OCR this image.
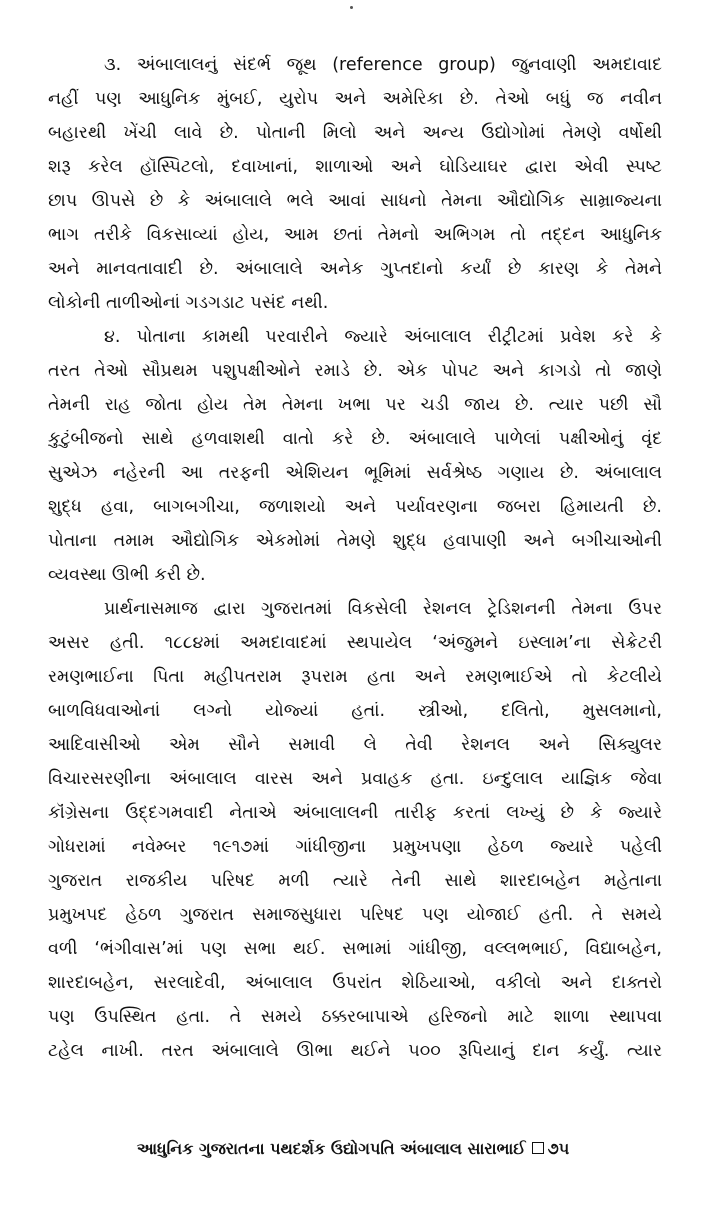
૩. અંબાલાલનું સંદર્ભ જૂથ (reference group) જુનવાણી અમદાવાદ
નહીં પણ આધુનિક મુંબઈ, યુરોપ અને અમેરિકા છે. તેઓ બધું જ નવીન
બહારથી ખેંચી લાવે છે. પોતાની મિલો અને અન્ય ઉદ્યોગોમાં તેમણે વર્ષોથી
શરૂ કરેલ હૉસ્પિટલો, દવાખાનાં, શાળાઓ અને ઘોડિયાઘર દ્વારા એવી સ્પષ્ટ
છાપ ઊપસે છે કે અંબાલાલે ભલે આવાં સાધનો તેમના ઔદ્યોગિક સામ્રાજ્યના
ભાગ તરીકે વિકસાવ્યાં હોય, આમ છતાં તેમનો અભિગમ તો તદ્દન આધુનિક
અને માનવતાવાદી છે. અંબાલાલે અનેક ગુપ્તદાનો કર્યાં છે કારણ કે તેમને
લોકોની તાળીઓનાં ગડગડાટ પસંદ નથી.
૪. પોતાના કામથી પરવારીને જ્યારે અંબાલાલ રીટ્રીટમાં પ્રવેશ કરે કે
તરત તેઓ સૌપ્રથમ પશુપક્ષીઓને રમાડે છે. એક પોપટ અને કાગડો તો જાણે
તેમની રાહ જોતા હોય તેમ તેમના ખભા પર ચડી જાય છે. ત્યાર પછી સૌ
કુટુંબીજનો સાથે હળવાશથી વાતો કરે છે. અંબાલાલે પાળેલાં પક્ષીઓનું વૃંદ
સુએઝ નહેરની આ તરફની એશિયન ભૂમિમાં સર્વશ્રેષ્ઠ ગણાય છે. અંબાલાલ
શુદ્ધ હવા, બાગબગીચા, જળાશયો અને પર્યાવરણના જબરા હિમાયતી છે.
પોતાના તમામ ઔદ્યોગિક એકમોમાં તેમણે શુદ્ધ હવાપાણી અને બગીચાઓની
વ્યવસ્થા ઊભી કરી છે.
પ્રાર્થનાસમાજ દ્વારા ગુજરાતમાં વિકસેલી રેશનલ ટ્રેડિશનની તેમના ઉપર
અસર હતી. ૧૮૮૪માં અમદાવાદમાં સ્થપાયેલ ‘અંજુમને ઇસ્લામ’ના સેક્રેટરી
રમણભાઈના પિતા મહીપતરામ રૂપરામ હતા અને રમણભાઈએ તો કેટલીયે
બાળવિધવાઓનાં લગ્નો યોજ્યાં હતાં. સ્ત્રીઓ, દલિતો, મુસલમાનો,
આદિવાસીઓ એમ સૌને સમાવી લે તેવી રેશનલ અને સિક્યુલર
વિચારસરણીના અંબાલાલ વારસ અને પ્રવાહક હતા. ઇન્દુલાલ યાજ્ઞિક જેવા
કૉંગ્રેસના ઉદ્દગમવાદી નેતાએ અંબાલાલની તારીફ કરતાં લખ્યું છે કે જ્યારે
ગોધરામાં નવેમ્બર ૧૯૧૭માં ગાંધીજીના પ્રમુખપણા હેઠળ જ્યારે પહેલી
ગુજરાત રાજકીય પરિષદ મળી ત્યારે તેની સાથે શારદાબહેન મહેતાના
પ્રમુખપદ હેઠળ ગુજરાત સમાજસુધારા પરિષદ પણ યોજાઈ હતી. તે સમયે
વળી ‘ભંગીવાસ’માં પણ સભા થઈ. સભામાં ગાંધીજી, વલ્લભભાઈ, વિદ્યાબહેન,
શારદાબહેન, સરલાદેવી, અંબાલાલ ઉપરાંત શેઠિયાઓ, વકીલો અને દાક્તરો
પણ ઉપસ્થિત હતા. તે સમયે ઠક્કરબાપાએ હરિજનો માટે શાળા સ્થાપવા
ટહેલ નાખી. તરત અંબાલાલે ઊભા થઈને ૫૦૦ રૂપિયાનું દાન કર્યું. ત્યાર
આધુનિક ગુજરાતના પથદર્શક ઉદ્યોગપતિ અંબાલાલ સારાભાઈ ૭૫
